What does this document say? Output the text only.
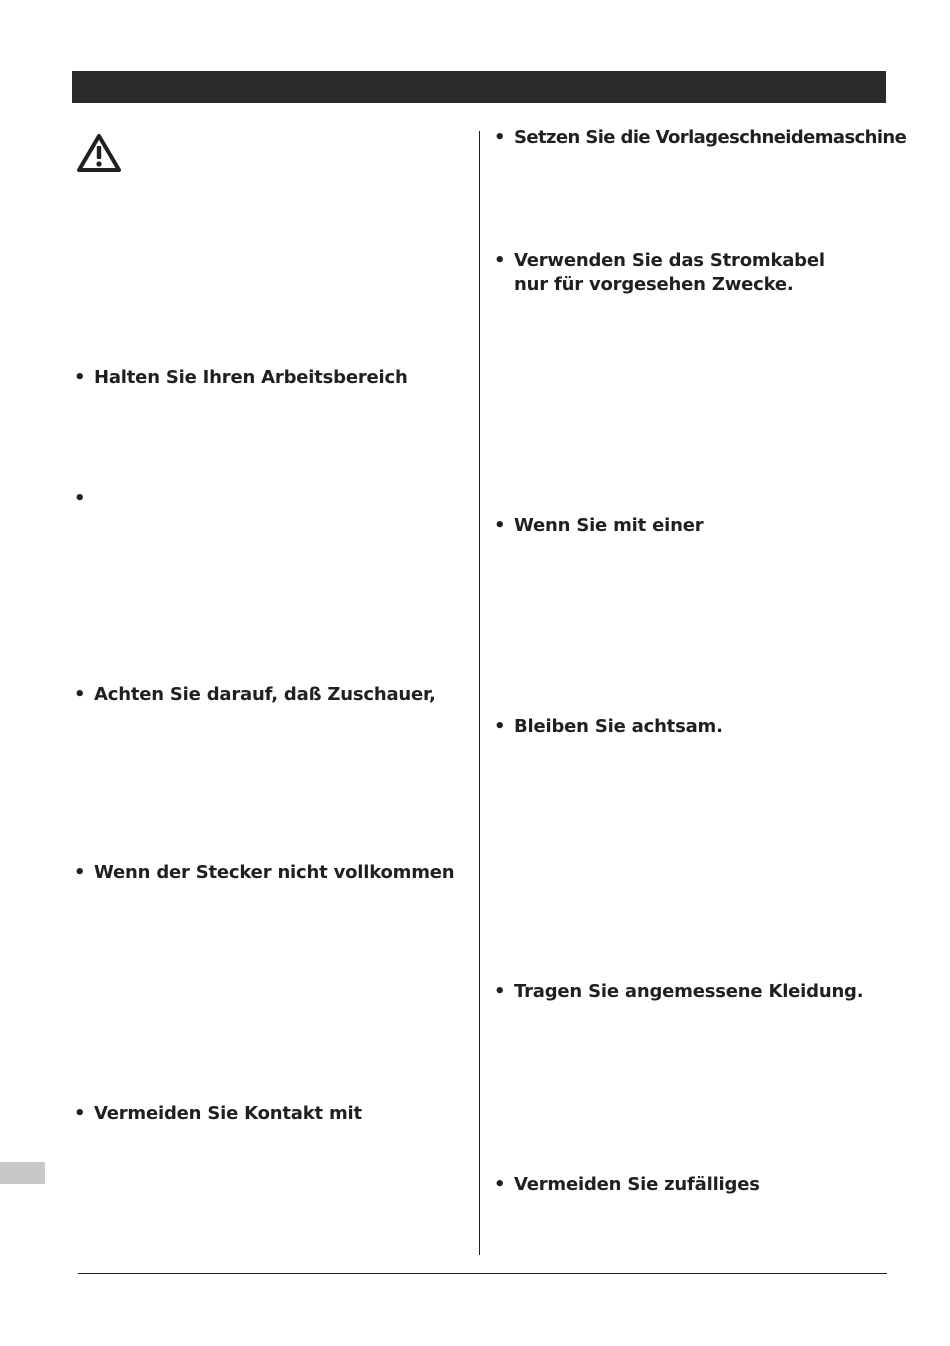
• Halten Sie Ihren Arbeitsbereich
•
• Achten Sie darauf, daß Zuschauer,
• Wenn der Stecker nicht vollkommen
• Vermeiden Sie Kontakt mit
• Setzen Sie die Vorlageschneidemaschine
• Verwenden Sie das Stromkabel
nur für vorgesehen Zwecke.
• Wenn Sie mit einer
• Bleiben Sie achtsam.
• Tragen Sie angemessene Kleidung.
• Vermeiden Sie zufälliges
